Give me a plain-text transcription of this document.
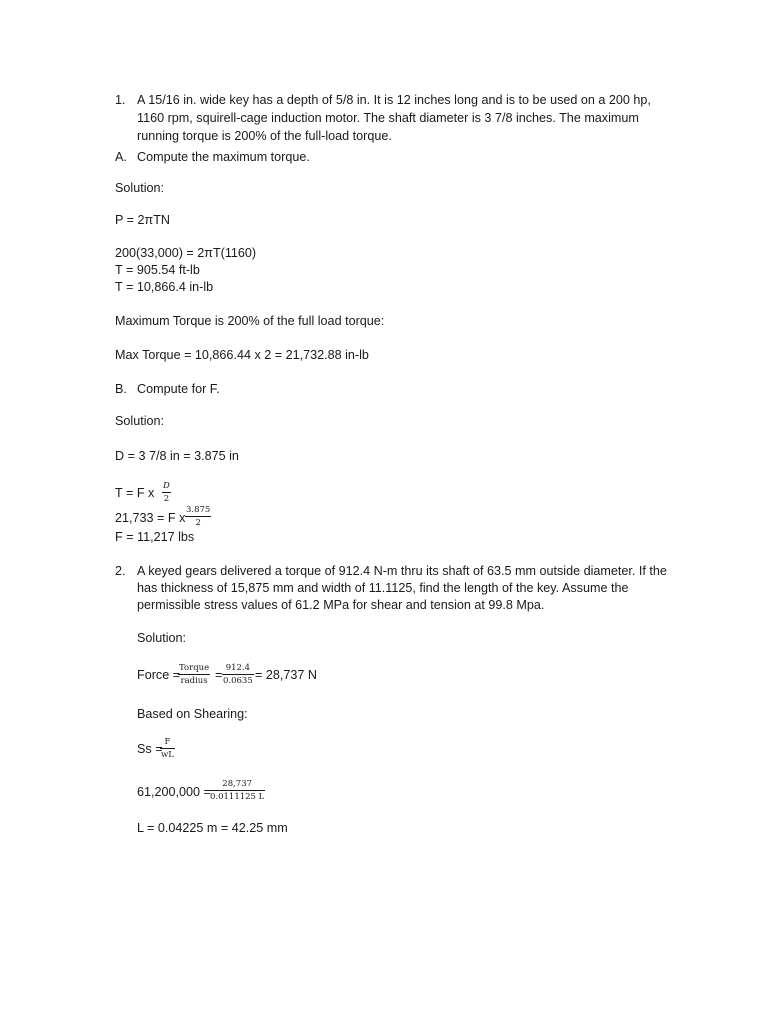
1. A 15/16 in. wide key has a depth of 5/8 in. It is 12 inches long and is to be used on a 200 hp,
1160 rpm, squirell-cage induction motor. The shaft diameter is 3 7/8 inches. The maximum
running torque is 200% of the full-load torque.
A. Compute the maximum torque.
Solution:
P = 2πTN
200(33,000) = 2πT(1160)
T = 905.54 ft-lb
T = 10,866.4 in-lb
Maximum Torque is 200% of the full load torque:
Max Torque = 10,866.44 x 2 = 21,732.88 in-lb
B. Compute for F.
Solution:
D = 3 7/8 in = 3.875 in
T = F x D
2
21,733 = F x
3.875
2
F = 11,217 lbs
2. A keyed gears delivered a torque of 912.4 N-m thru its shaft of 63.5 mm outside diameter. If the
has thickness of 15,875 mm and width of 11.1125, find the length of the key. Assume the
permissible stress values of 61.2 MPa for shear and tension at 99.8 Mpa.
Solution:
Force =
Torque
radius = 912.4
0.0635 = 28,737 N
Based on Shearing:
Ss = F
wL
61,200,000 =
28,737
0.0111125 L
L = 0.04225 m = 42.25 mm
